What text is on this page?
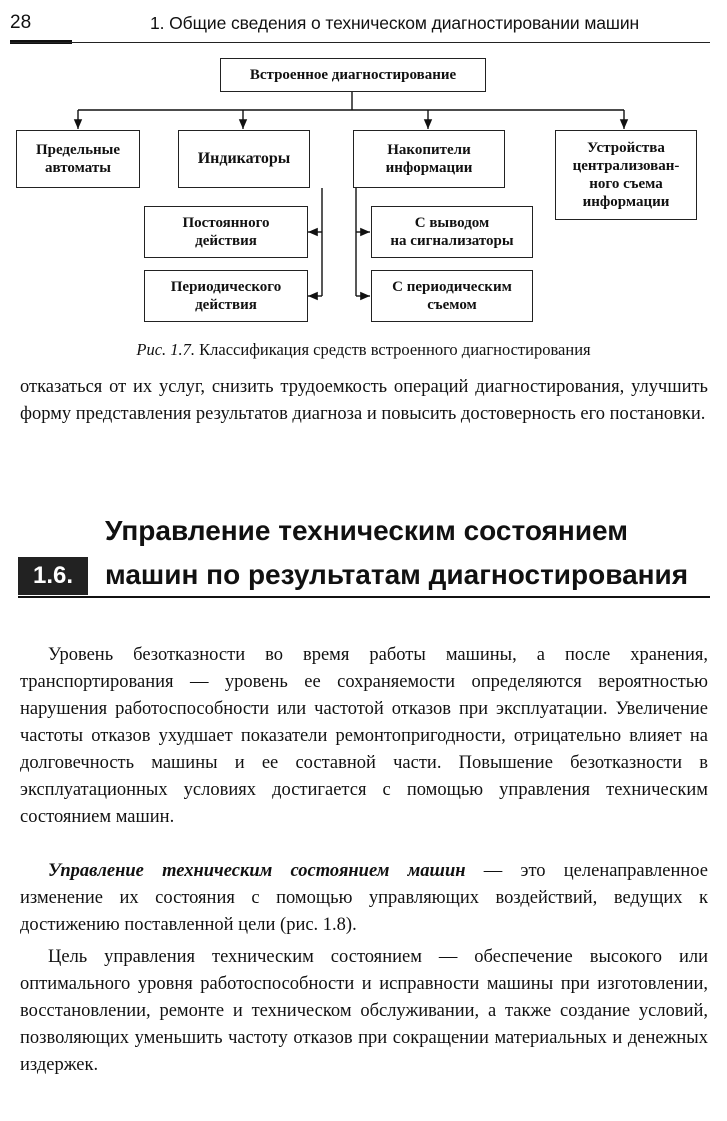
28	1. Общие сведения о техническом диагностировании машин
Встроенное диагностирование
Предельные
автоматы
Индикаторы	Накопители
информации
Устройства
централизован-
ного съема
информации
Постоянного
действия
Периодического
действия
С выводом
на сигнализаторы
С периодическим
съемом
Рис. 1.7. Классификация средств встроенного диагностирования

отказаться от их услуг, снизить трудоемкость операций диагностирования, улучшить форму представления результатов диагноза и повысить достоверность его постановки.

Управление техническим состоянием
машин по результатам диагностирования
1.6.

Уровень безотказности во время работы машины, а после хранения, транспортирования — уровень ее сохраняемости определяются вероятностью нарушения работоспособности или частотой отказов при эксплуатации. Увеличение частоты отказов ухудшает показатели ремонтопригодности, отрицательно влияет на долговечность машины и ее составной части. Повышение безотказности в эксплуатационных условиях достигается с помощью управления техническим состоянием машин.

Управление техническим состоянием машин — это целенаправленное изменение их состояния с помощью управляющих воздействий, ведущих к достижению поставленной цели (рис. 1.8).

Цель управления техническим состоянием — обеспечение высокого или оптимального уровня работоспособности и исправности машины при изготовлении, восстановлении, ремонте и техническом обслуживании, а также создание условий, позволяющих уменьшить частоту отказов при сокращении материальных и денежных издержек.
